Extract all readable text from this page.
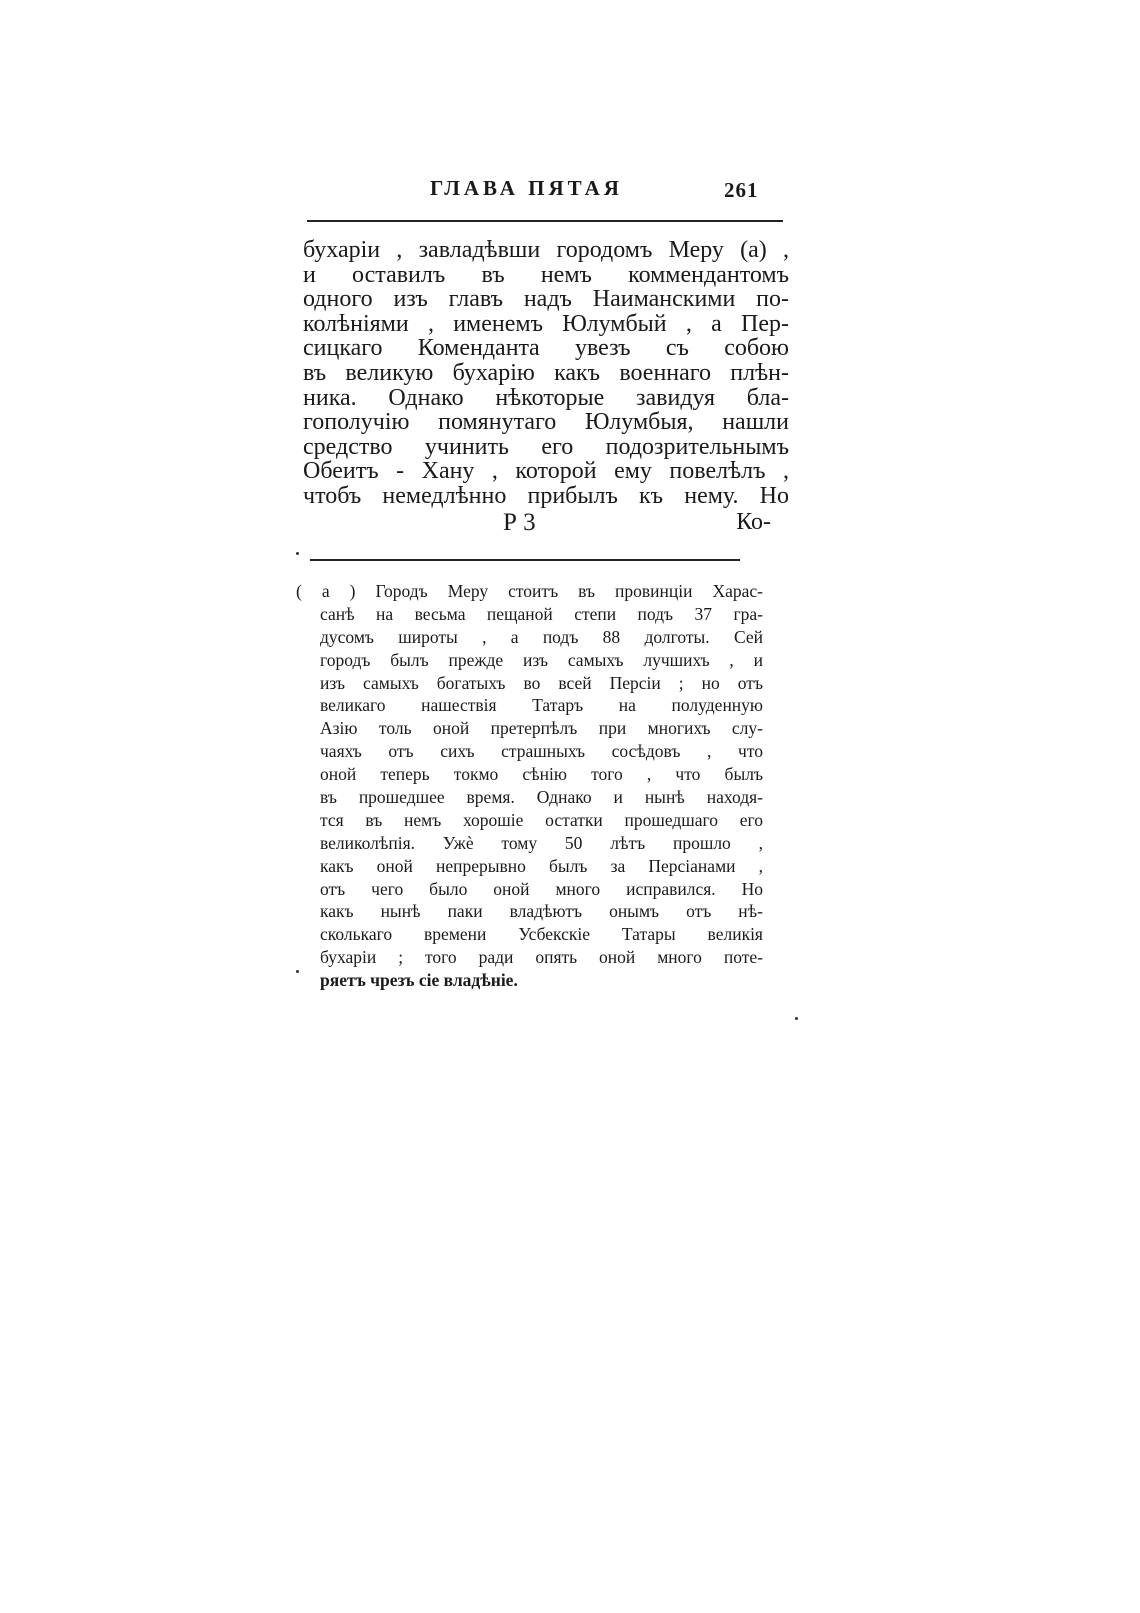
ГЛАВА ПЯТАЯ	261
бухаріи , завладѣвши городомъ Меру (а) ,
и оставилъ въ немъ коммендантомъ
одного изъ главъ надъ Наиманскими по-
колѣніями , именемъ Юлумбый , а Пер-
сицкаго Комендантa увезъ съ собою
въ великую бухарію какъ военнаго плѣн-
ника. Однако нѣкоторые завидуя бла-
гополучію помянутаго Юлумбыя, нашли
средство учинить его подозрительнымъ
Обеитъ - Хану , которой ему повелѣлъ ,
чтобъ немедлѣнно прибылъ къ нему. Но
Р 3	Ко-
( а ) Городъ Меру стоитъ въ провинціи Харас-
санѣ на весьма пещаной степи подъ 37 гра-
дусомъ широты , а подъ 88 долготы. Сей
городъ былъ прежде изъ самыхъ лучшихъ , и
изъ самыхъ богатыхъ во всей Персіи ; но отъ
великаго нашествія Татаръ на полуденную
Азію толь оной претерпѣлъ при многихъ слу-
чаяхъ отъ сихъ страшныхъ сосѣдовъ , что
оной теперь токмо сѣнію того , что былъ
въ прошедшее время. Однако и нынѣ находя-
тся въ немъ хорошіе остатки прошедшаго его
великолѣпія. Ужѐ тому 50 лѣтъ прошло ,
какъ оной непрерывно былъ за Персіанами ,
отъ чего было оной много исправился. Но
какъ нынѣ паки владѣютъ онымъ отъ нѣ-
сколькаго времени Усбекскіе Татары великія
бухаріи ; того ради опять оной много поте-
ряетъ чрезъ сіе владѣніе.
